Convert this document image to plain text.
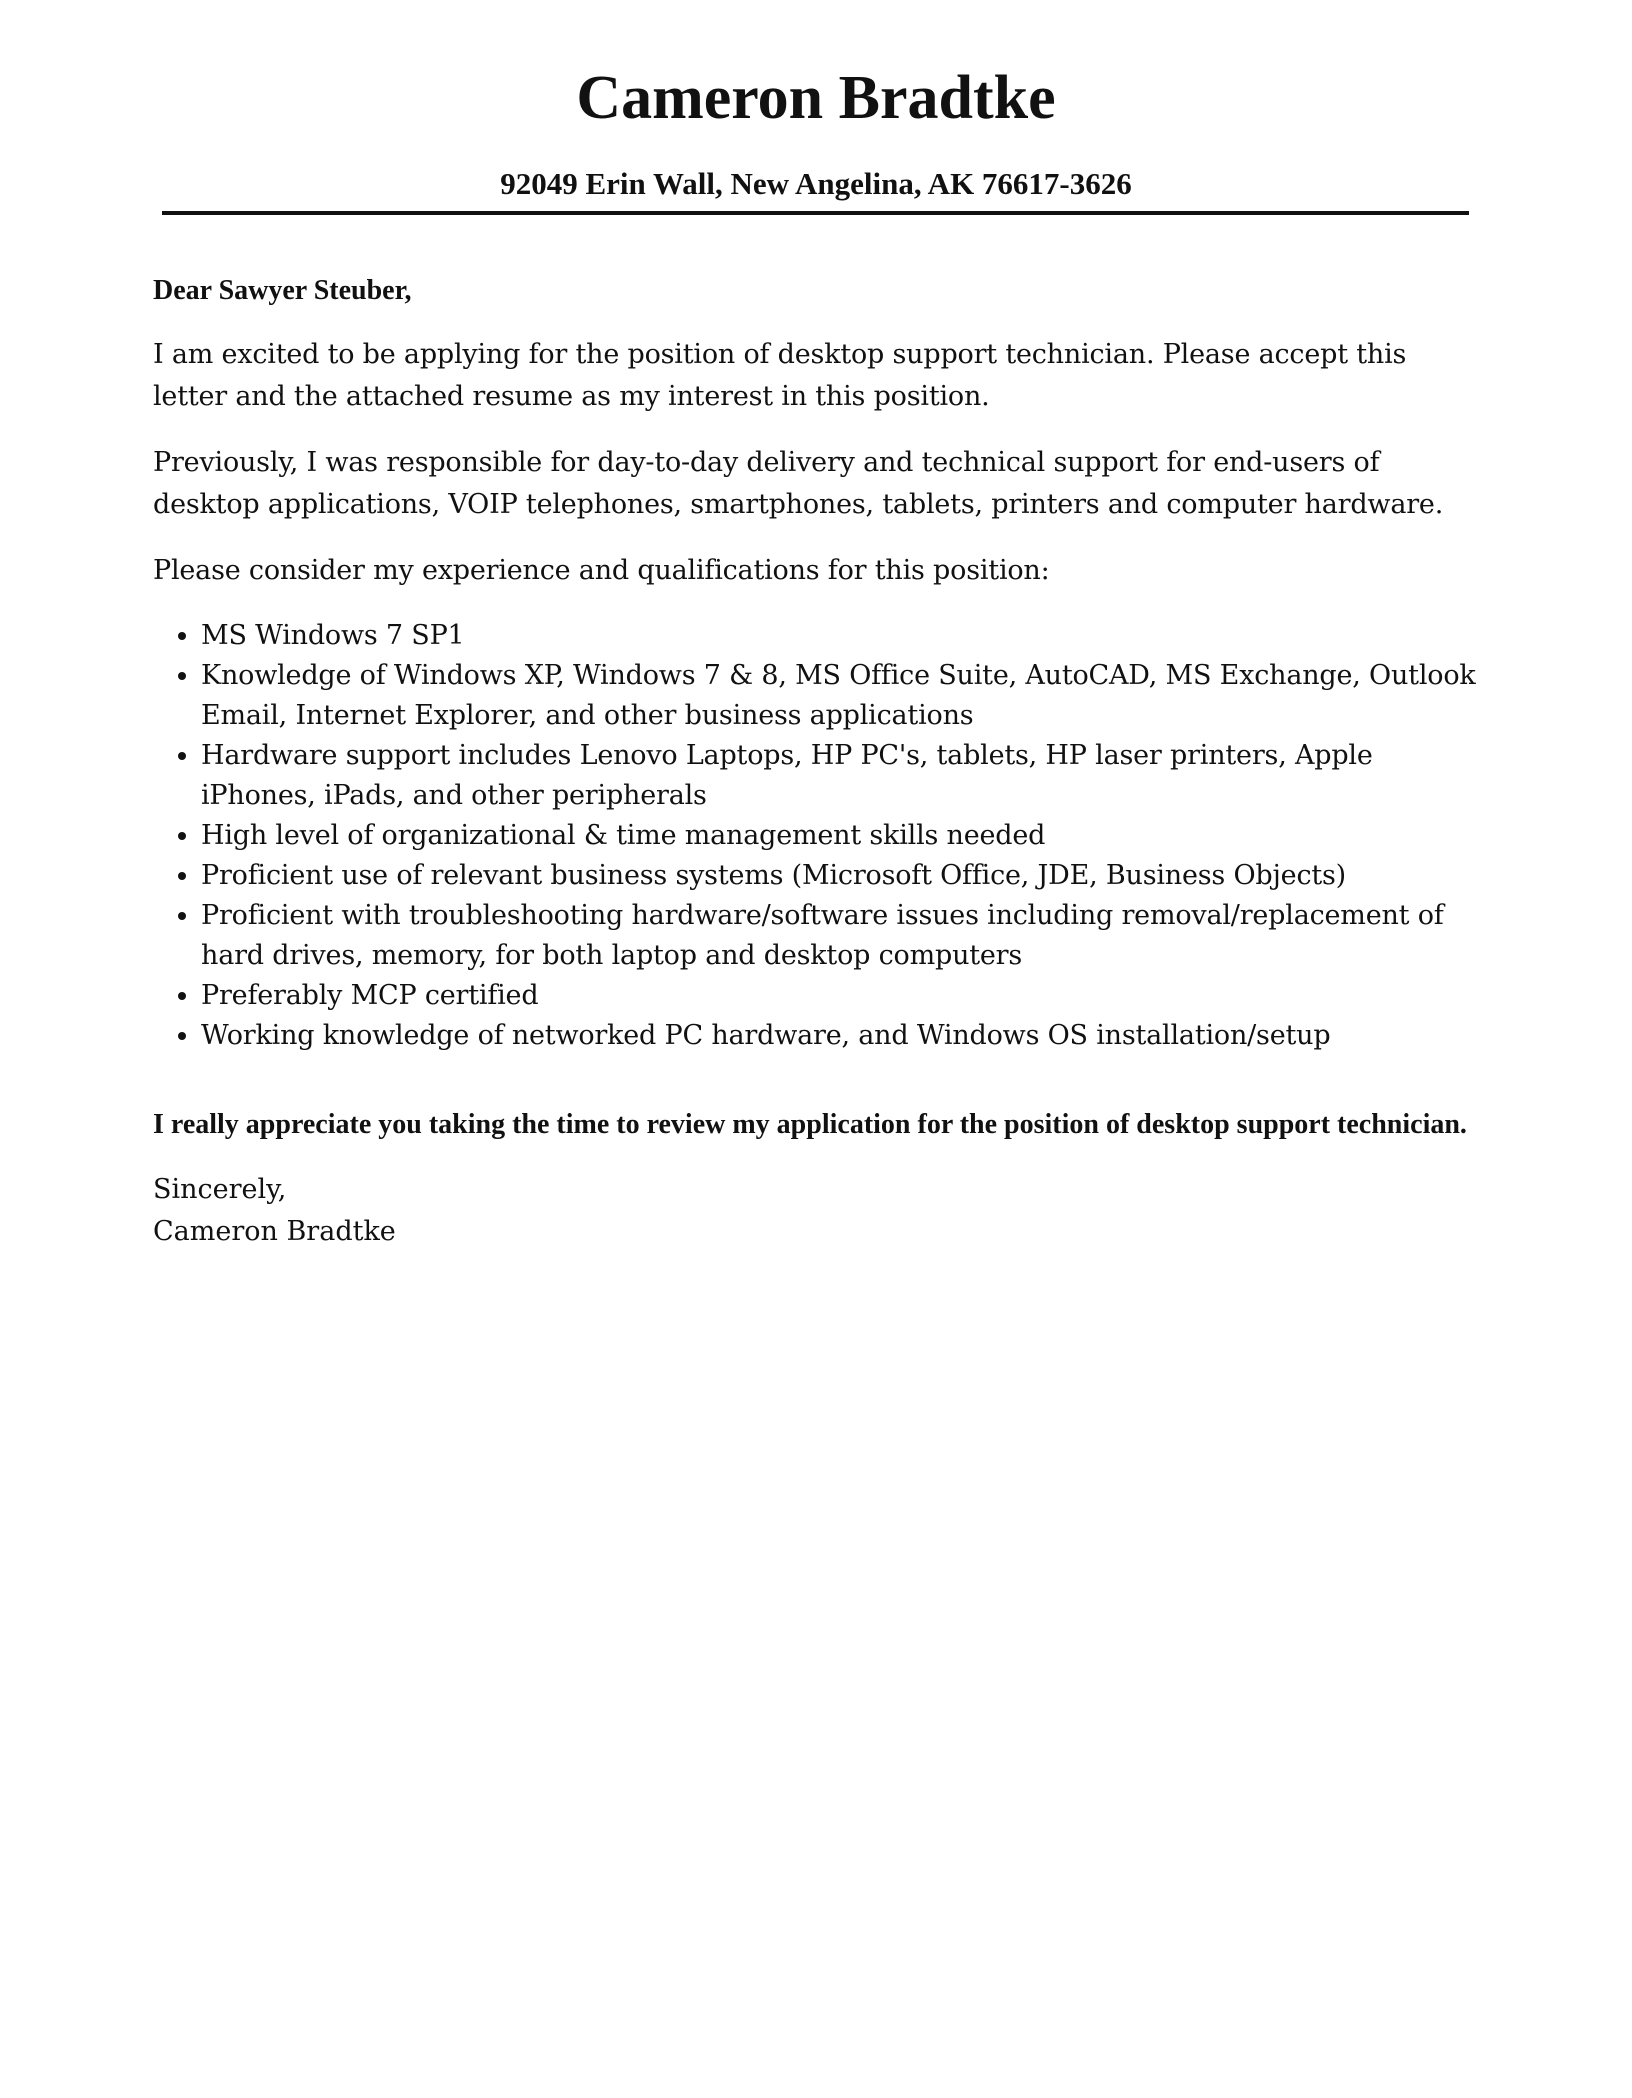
Cameron Bradtke
92049 Erin Wall, New Angelina, AK 76617-3626

Dear Sawyer Steuber,

I am excited to be applying for the position of desktop support technician. Please accept this letter and the attached resume as my interest in this position.

Previously, I was responsible for day-to-day delivery and technical support for end-users of desktop applications, VOIP telephones, smartphones, tablets, printers and computer hardware.

Please consider my experience and qualifications for this position:

• MS Windows 7 SP1
• Knowledge of Windows XP, Windows 7 & 8, MS Office Suite, AutoCAD, MS Exchange, Outlook Email, Internet Explorer, and other business applications
• Hardware support includes Lenovo Laptops, HP PC's, tablets, HP laser printers, Apple iPhones, iPads, and other peripherals
• High level of organizational & time management skills needed
• Proficient use of relevant business systems (Microsoft Office, JDE, Business Objects)
• Proficient with troubleshooting hardware/software issues including removal/replacement of hard drives, memory, for both laptop and desktop computers
• Preferably MCP certified
• Working knowledge of networked PC hardware, and Windows OS installation/setup

I really appreciate you taking the time to review my application for the position of desktop support technician.

Sincerely,
Cameron Bradtke
